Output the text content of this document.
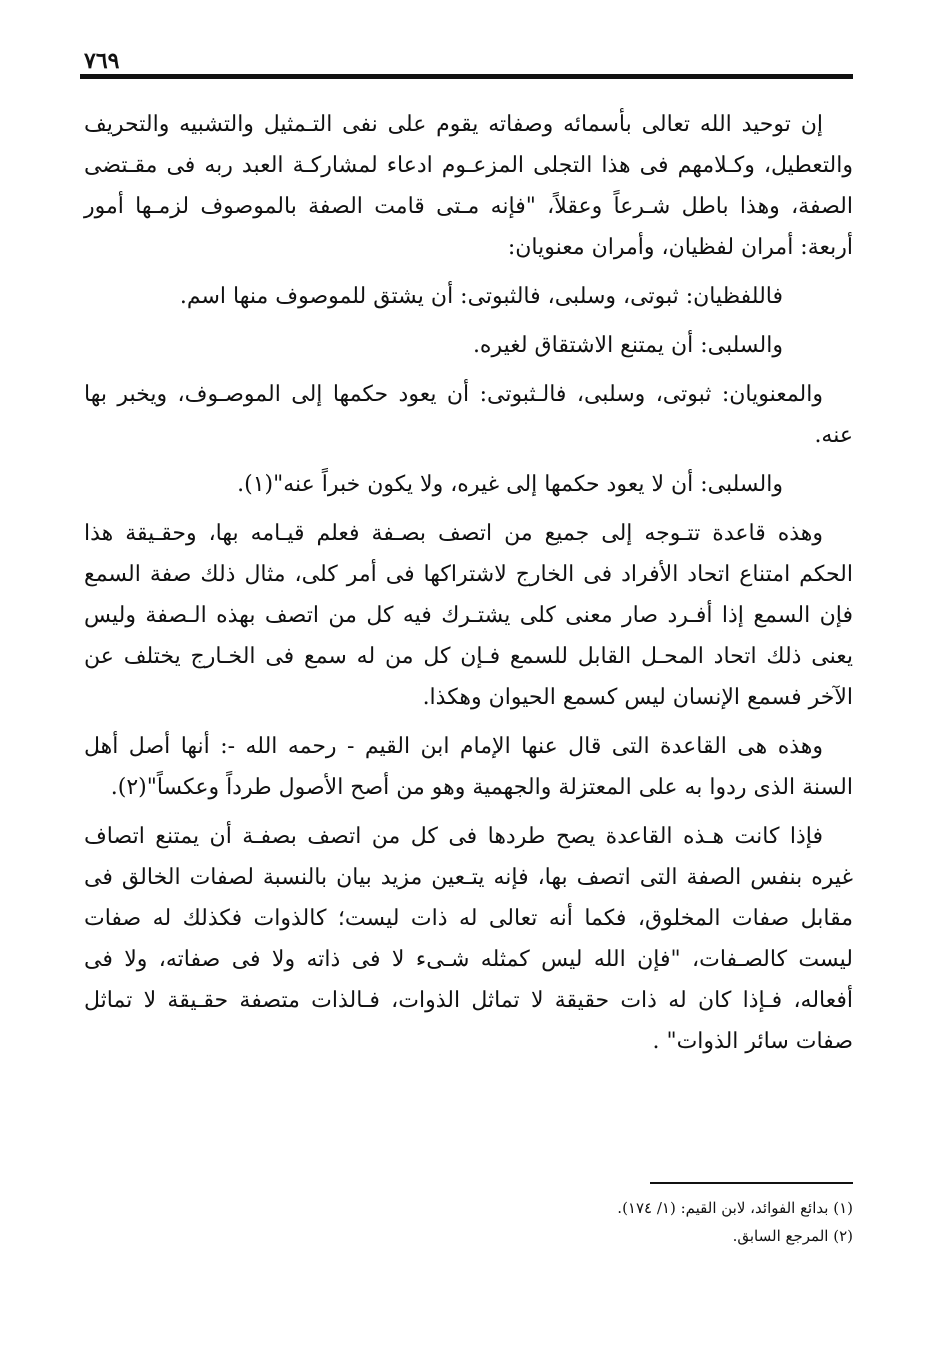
٧٦٩

إن توحيد الله تعالى بأسمائه وصفاته يقوم على نفى التـمثيل والتشبيه والتحريف والتعطيل، وكـلامهم فى هذا التجلى المزعـوم ادعاء لمشاركـة العبد ربه فى مقـتضى الصفة، وهذا باطل شـرعاً وعقلاً، "فإنه مـتى قامت الصفة بالموصوف لزمـها أمور أربعة: أمران لفظيان، وأمران معنويان:

فاللفظيان: ثبوتى، وسلبى، فالثبوتى: أن يشتق للموصوف منها اسم.

والسلبى: أن يمتنع الاشتقاق لغيره.

والمعنويان: ثبوتى، وسلبى، فالـثبوتى: أن يعود حكمها إلى الموصـوف، ويخبر بها عنه.

والسلبى: أن لا يعود حكمها إلى غيره، ولا يكون خبراً عنه"(١).

وهذه قاعدة تتـوجه إلى جميع من اتصف بصـفة فعلم قيـامه بها، وحقـيقة هذا الحكم امتناع اتحاد الأفراد فى الخارج لاشتراكها فى أمر كلى، مثال ذلك صفة السمع فإن السمع إذا أفـرد صار معنى كلى يشتـرك فيه كل من اتصف بهذه الـصفة وليس يعنى ذلك اتحاد المحـل القابل للسمع فـإن كل من له سمع فى الخـارج يختلف عن الآخر فسمع الإنسان ليس كسمع الحيوان وهكذا.

وهذه هى القاعدة التى قال عنها الإمام ابن القيم - رحمه الله -: أنها أصل أهل السنة الذى ردوا به على المعتزلة والجهمية وهو من أصح الأصول طرداً وعكساً"(٢).

فإذا كانت هـذه القاعدة يصح طردها فى كل من اتصف بصفـة أن يمتنع اتصاف غيره بنفس الصفة التى اتصف بها، فإنه يتـعين مزيد بيان بالنسبة لصفات الخالق فى مقابل صفات المخلوق، فكما أنه تعالى له ذات ليست؛ كالذوات فكذلك له صفات ليست كالصـفات، "فإن الله ليس كمثله شـىء لا فى ذاته ولا فى صفاته، ولا فى أفعاله، فـإذا كان له ذات حقيقة لا تماثل الذوات، فـالذات متصفة حقـيقة لا تماثل صفات سائر الذوات" .

(١) بدائع الفوائد، لابن القيم: (١/ ١٧٤).

(٢) المرجع السابق.
